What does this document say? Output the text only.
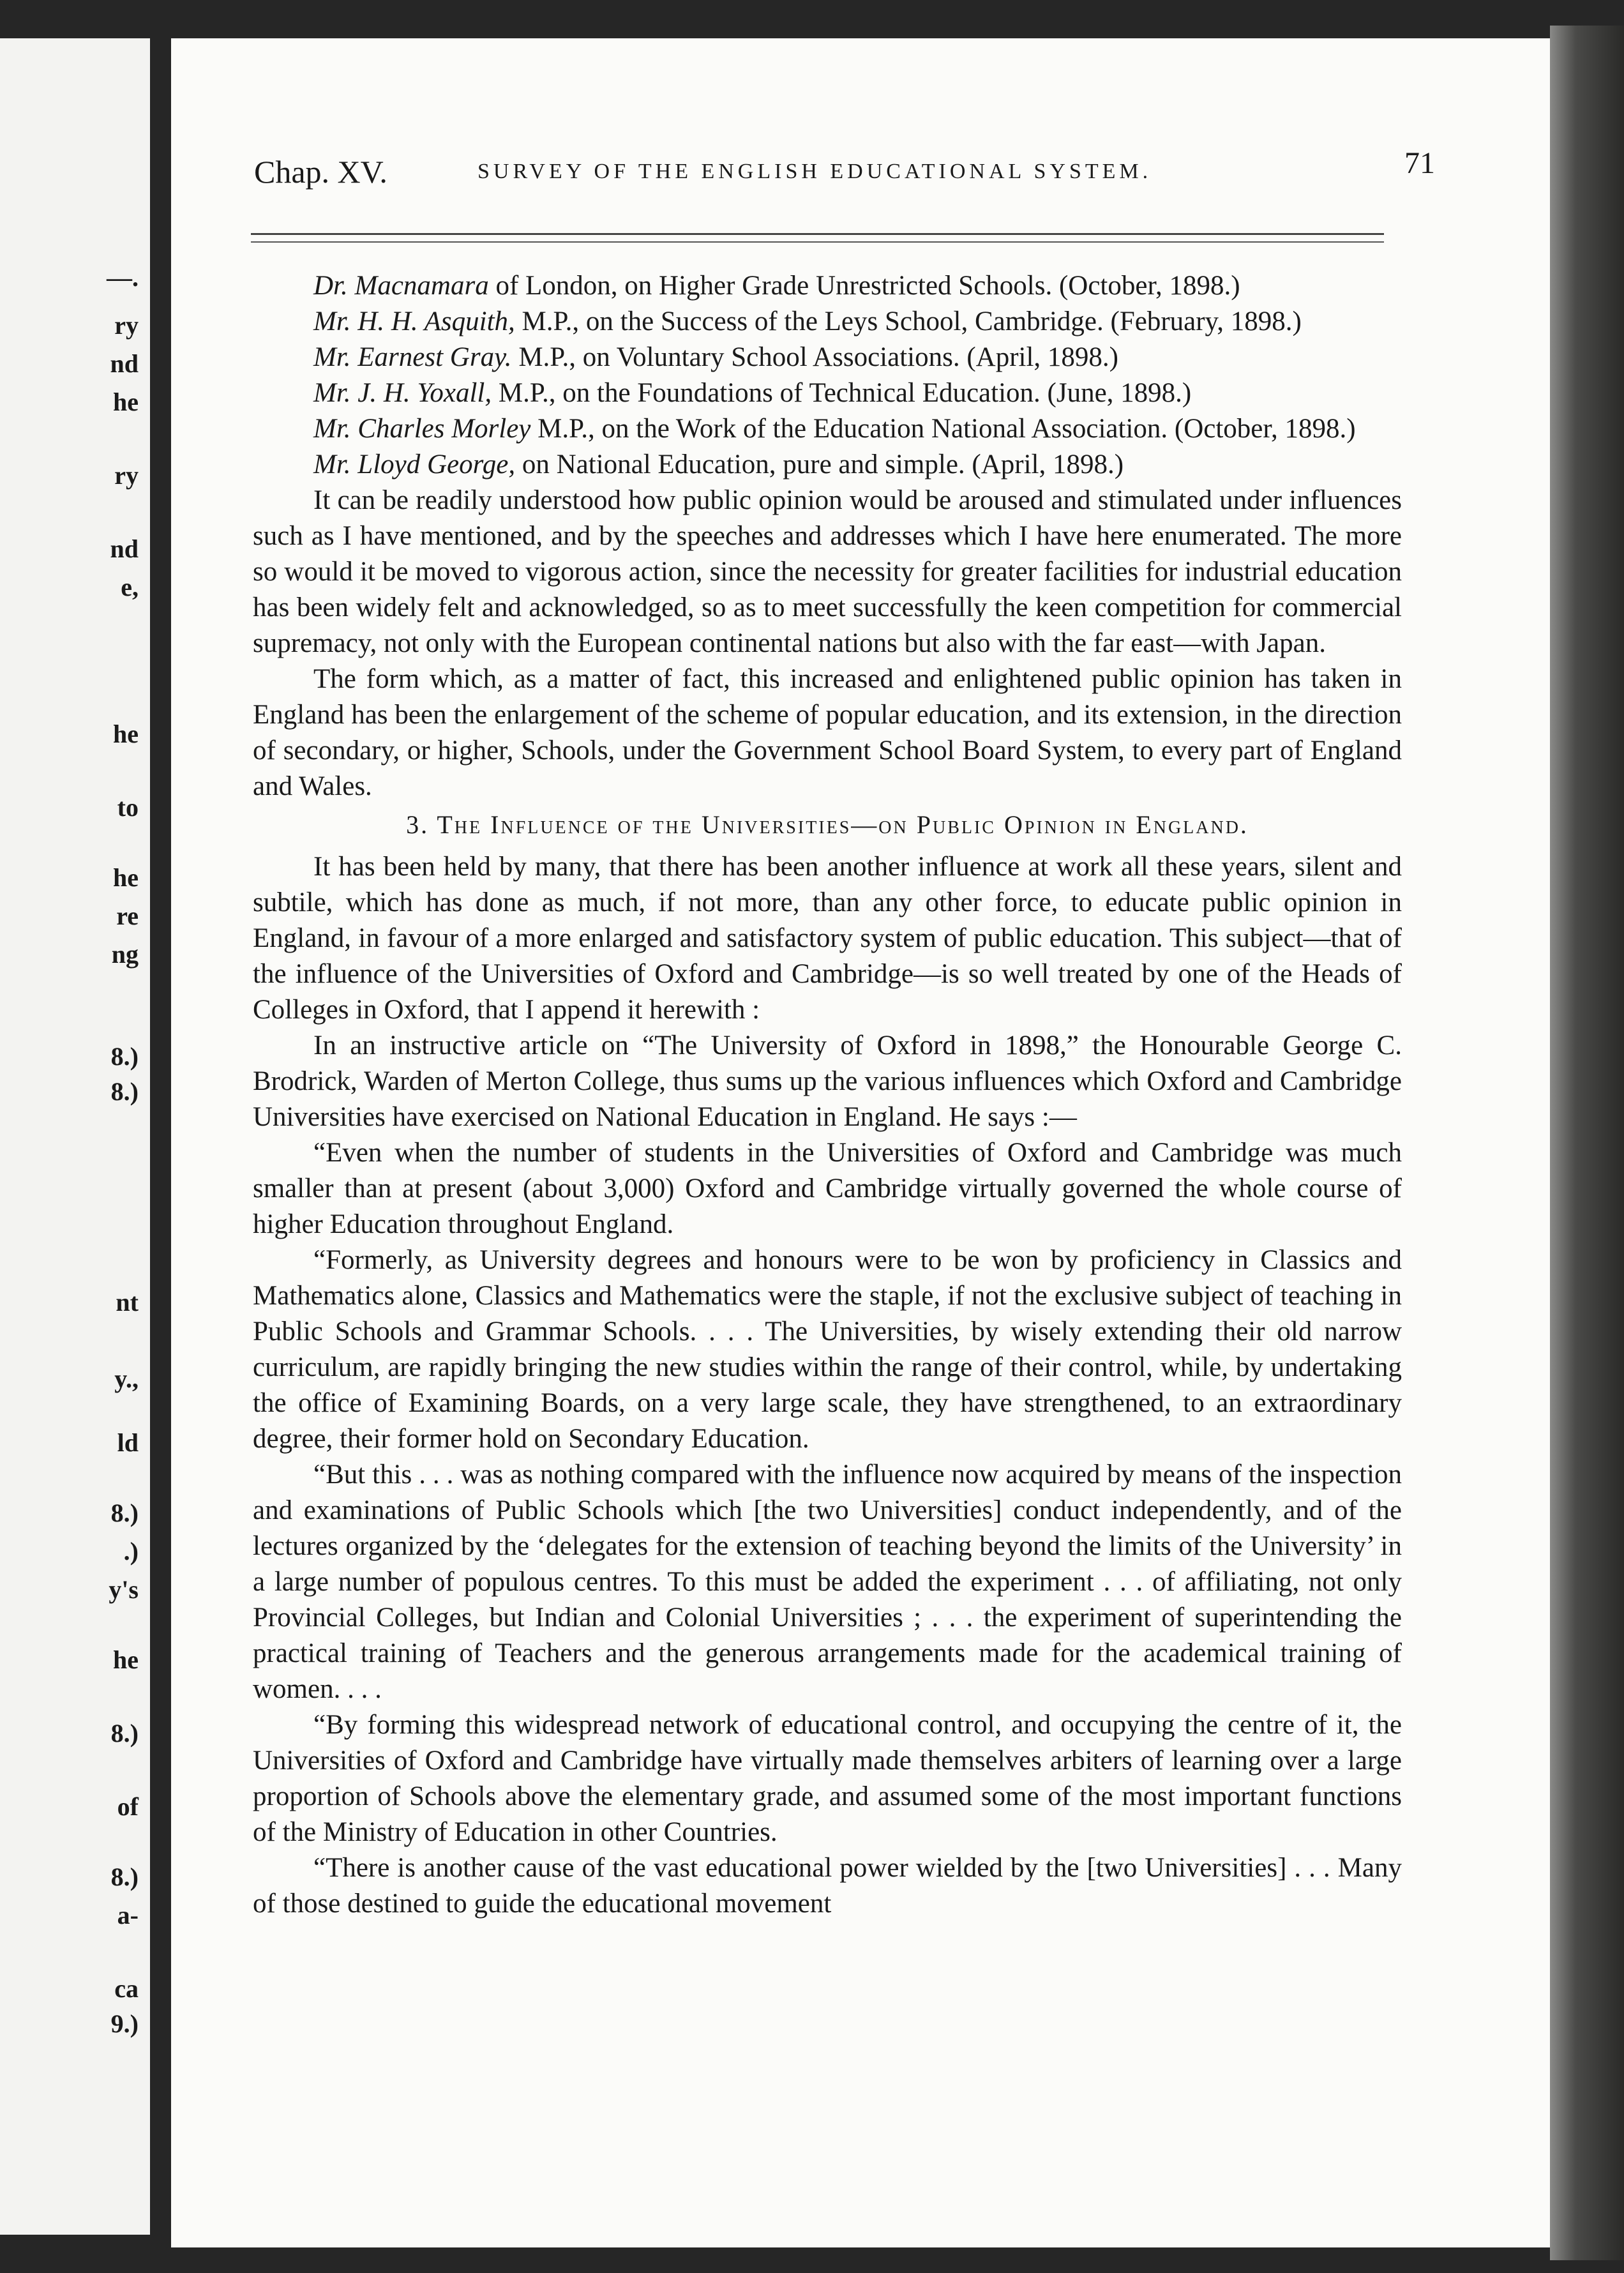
—.
ry
nd
he
ry
nd
e,
he
to
he
re
ng
8.)
8.)
nt
y.,
ld
8.)
.)
y's
he
8.)
of
8.)
a-
ca
9.)
Chap. XV.	SURVEY OF THE ENGLISH EDUCATIONAL SYSTEM.	71

Dr. Macnamara of London, on Higher Grade Unrestricted Schools. (October, 1898.)

Mr. H. H. Asquith, M.P., on the Success of the Leys School, Cambridge. (February, 1898.)

Mr. Earnest Gray. M.P., on Voluntary School Associations. (April, 1898.)

Mr. J. H. Yoxall, M.P., on the Foundations of Technical Education. (June, 1898.)

Mr. Charles Morley M.P., on the Work of the Education National Association. (October, 1898.)

Mr. Lloyd George, on National Education, pure and simple. (April, 1898.)

It can be readily understood how public opinion would be aroused and stimulated under influences such as I have mentioned, and by the speeches and addresses which I have here enumerated. The more so would it be moved to vigorous action, since the necessity for greater facilities for industrial education has been widely felt and acknowledged, so as to meet successfully the keen competition for commercial supremacy, not only with the European continental nations but also with the far east—with Japan.

The form which, as a matter of fact, this increased and enlightened public opinion has taken in England has been the enlargement of the scheme of popular education, and its extension, in the direction of secondary, or higher, Schools, under the Government School Board System, to every part of England and Wales.

3. The Influence of the Universities—on Public Opinion in England.

It has been held by many, that there has been another influence at work all these years, silent and subtile, which has done as much, if not more, than any other force, to educate public opinion in England, in favour of a more enlarged and satisfactory system of public education. This subject—that of the influence of the Universities of Oxford and Cambridge—is so well treated by one of the Heads of Colleges in Oxford, that I append it herewith :

In an instructive article on “The University of Oxford in 1898,” the Honourable George C. Brodrick, Warden of Merton College, thus sums up the various influences which Oxford and Cambridge Universities have exercised on National Education in England. He says :—

“Even when the number of students in the Universities of Oxford and Cambridge was much smaller than at present (about 3,000) Oxford and Cambridge virtually governed the whole course of higher Education throughout England.

“Formerly, as University degrees and honours were to be won by proficiency in Classics and Mathematics alone, Classics and Mathematics were the staple, if not the exclusive subject of teaching in Public Schools and Grammar Schools. . . . The Universities, by wisely extending their old narrow curriculum, are rapidly bringing the new studies within the range of their control, while, by undertaking the office of Examining Boards, on a very large scale, they have strengthened, to an extraordinary degree, their former hold on Secondary Education.

“But this . . . was as nothing compared with the influence now acquired by means of the inspection and examinations of Public Schools which [the two Universities] conduct independently, and of the lectures organized by the ‘delegates for the extension of teaching beyond the limits of the University’ in a large number of populous centres. To this must be added the experiment . . . of affiliating, not only Provincial Colleges, but Indian and Colonial Universities ; . . . the experiment of superintending the practical training of Teachers and the generous arrangements made for the academical training of women. . . .

“By forming this widespread network of educational control, and occupying the centre of it, the Universities of Oxford and Cambridge have virtually made themselves arbiters of learning over a large proportion of Schools above the elementary grade, and assumed some of the most important functions of the Ministry of Education in other Countries.

“There is another cause of the vast educational power wielded by the [two Universities] . . . Many of those destined to guide the educational movement
